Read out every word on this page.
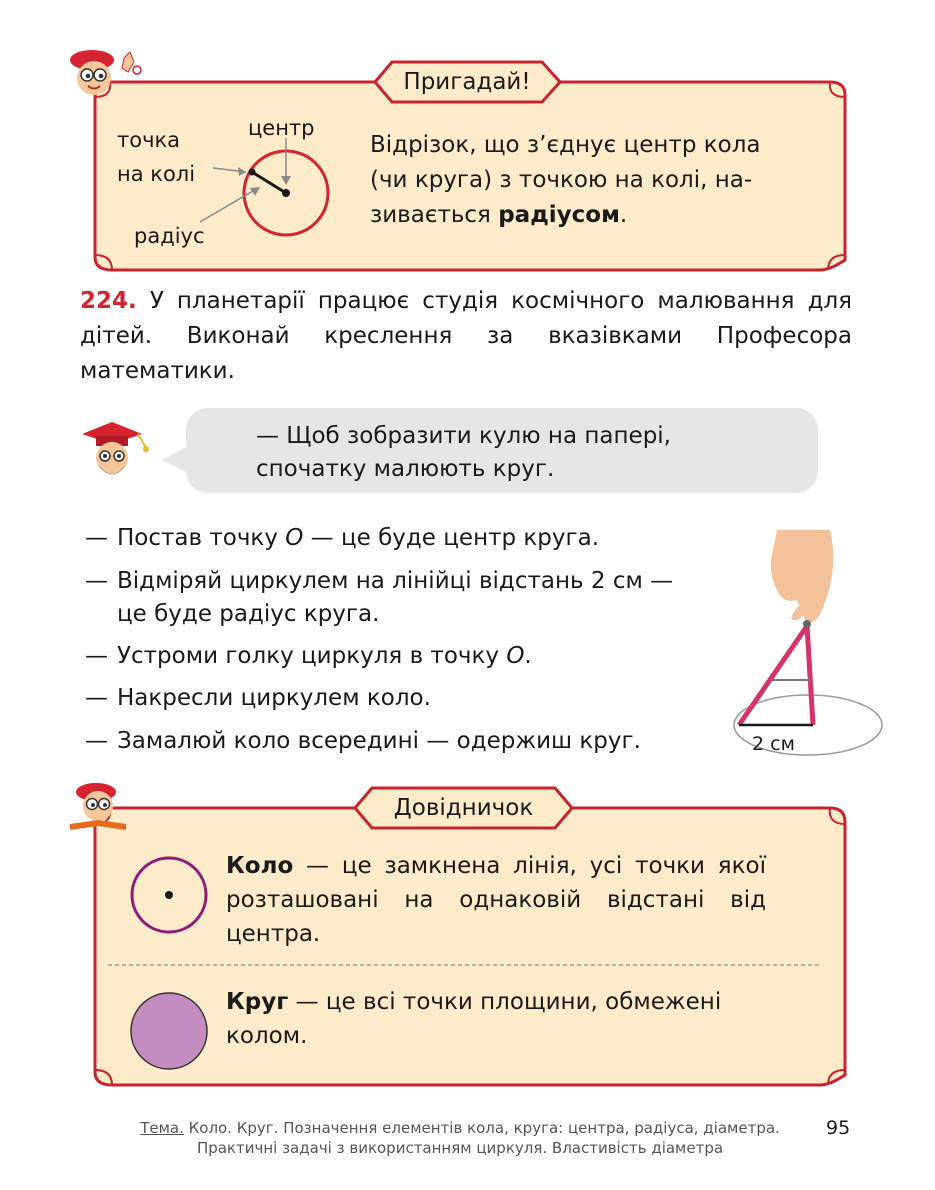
Пригадай!
точка
на колі
центр
радіус
Відрізок, що з’єднує центр кола
(чи круга) з точкою на колі, на-
зивається радіусом.
224. У планетарії працює студія космічного малювання для дітей. Виконай креслення за вказівками Професора математики.
— Щоб зобразити кулю на папері,
спочатку малюють круг.
— Постав точку O — це буде центр круга.
— Відміряй циркулем на лінійці відстань 2 см —
це буде радіус круга.
— Устроми голку циркуля в точку O.
— Накресли циркулем коло.
— Замалюй коло всередині — одержиш круг.	2 см
Довідничок
Коло — це замкнена лінія, усі точки якої
розташовані на однаковій відстані від
центра.
Круг — це всі точки площини, обмежені
колом.
Тема. Коло. Круг. Позначення елементів кола, круга: центра, радіуса, діаметра.
Практичні задачі з використанням циркуля. Властивість діаметра
95
